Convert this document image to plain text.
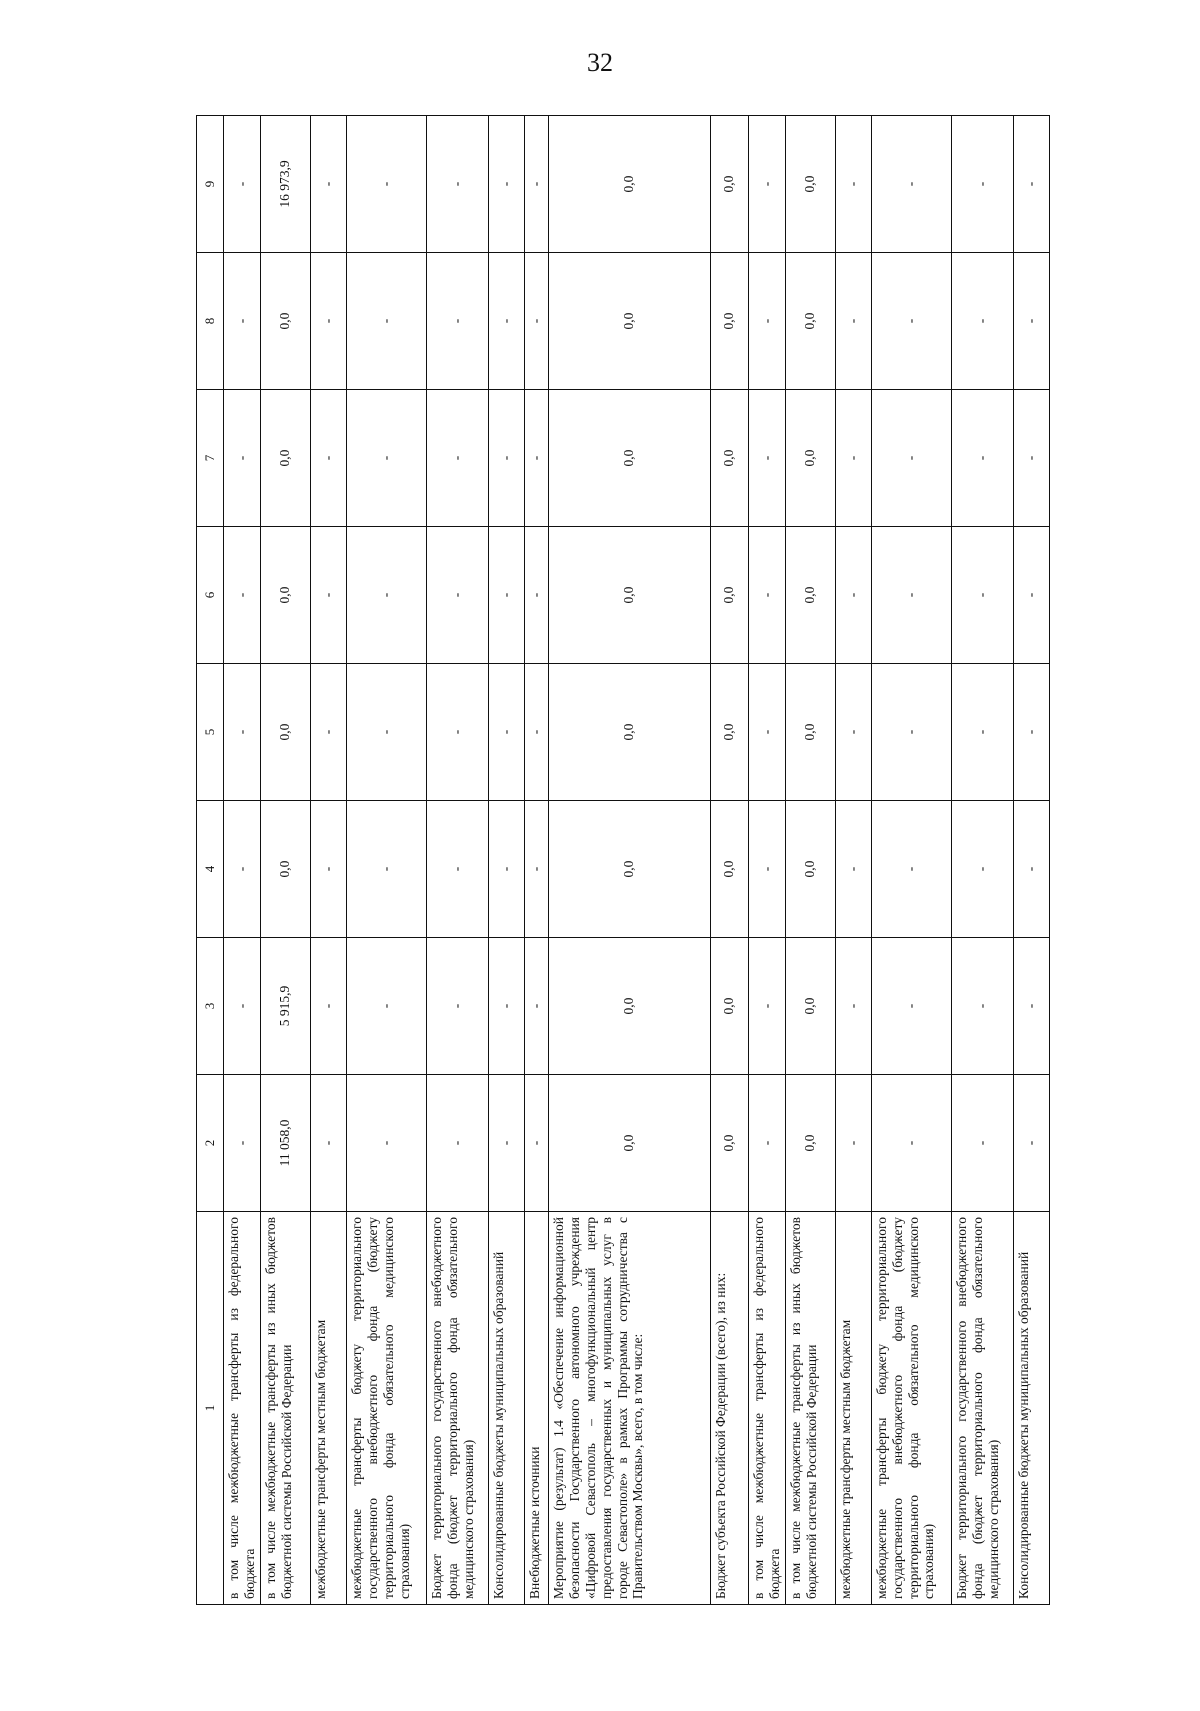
32
1	2	3	4	5	6	7	8	9
в том числе межбюджетные трансферты из федерального бюджета	-	-	-	-	-	-	-	-
в том числе межбюджетные трансферты из иных бюджетов бюджетной системы Российской Федерации	11 058,0	5 915,9	0,0	0,0	0,0	0,0	0,0	16 973,9
межбюджетные трансферты местным бюджетам	-	-	-	-	-	-	-	-
межбюджетные трансферты бюджету территориального государственного внебюджетного фонда (бюджету территориального фонда обязательного медицинского страхования)	-	-	-	-	-	-	-	-
Бюджет территориального государственного внебюджетного фонда (бюджет территориального фонда обязательного медицинского страхования)	-	-	-	-	-	-	-	-
Консолидированные бюджеты муниципальных образований	-	-	-	-	-	-	-	-
Внебюджетные источники	-	-	-	-	-	-	-	-
Мероприятие (результат) 1.4 «Обеспечение информационной безопасности Государственного автономного учреждения «Цифровой Севастополь – многофункциональный центр предоставления государственных и муниципальных услуг в городе Севастополе» в рамках Программы сотрудничества с Правительством Москвы», всего, в том числе:	0,0	0,0	0,0	0,0	0,0	0,0	0,0	0,0
Бюджет субъекта Российской Федерации (всего), из них:	0,0	0,0	0,0	0,0	0,0	0,0	0,0	0,0
в том числе межбюджетные трансферты из федерального бюджета	-	-	-	-	-	-	-	-
в том числе межбюджетные трансферты из иных бюджетов бюджетной системы Российской Федерации	0,0	0,0	0,0	0,0	0,0	0,0	0,0	0,0
межбюджетные трансферты местным бюджетам	-	-	-	-	-	-	-	-
межбюджетные трансферты бюджету территориального государственного внебюджетного фонда (бюджету территориального фонда обязательного медицинского страхования)	-	-	-	-	-	-	-	-
Бюджет территориального государственного внебюджетного фонда (бюджет территориального фонда обязательного медицинского страхования)	-	-	-	-	-	-	-	-
Консолидированные бюджеты муниципальных образований	-	-	-	-	-	-	-	-
